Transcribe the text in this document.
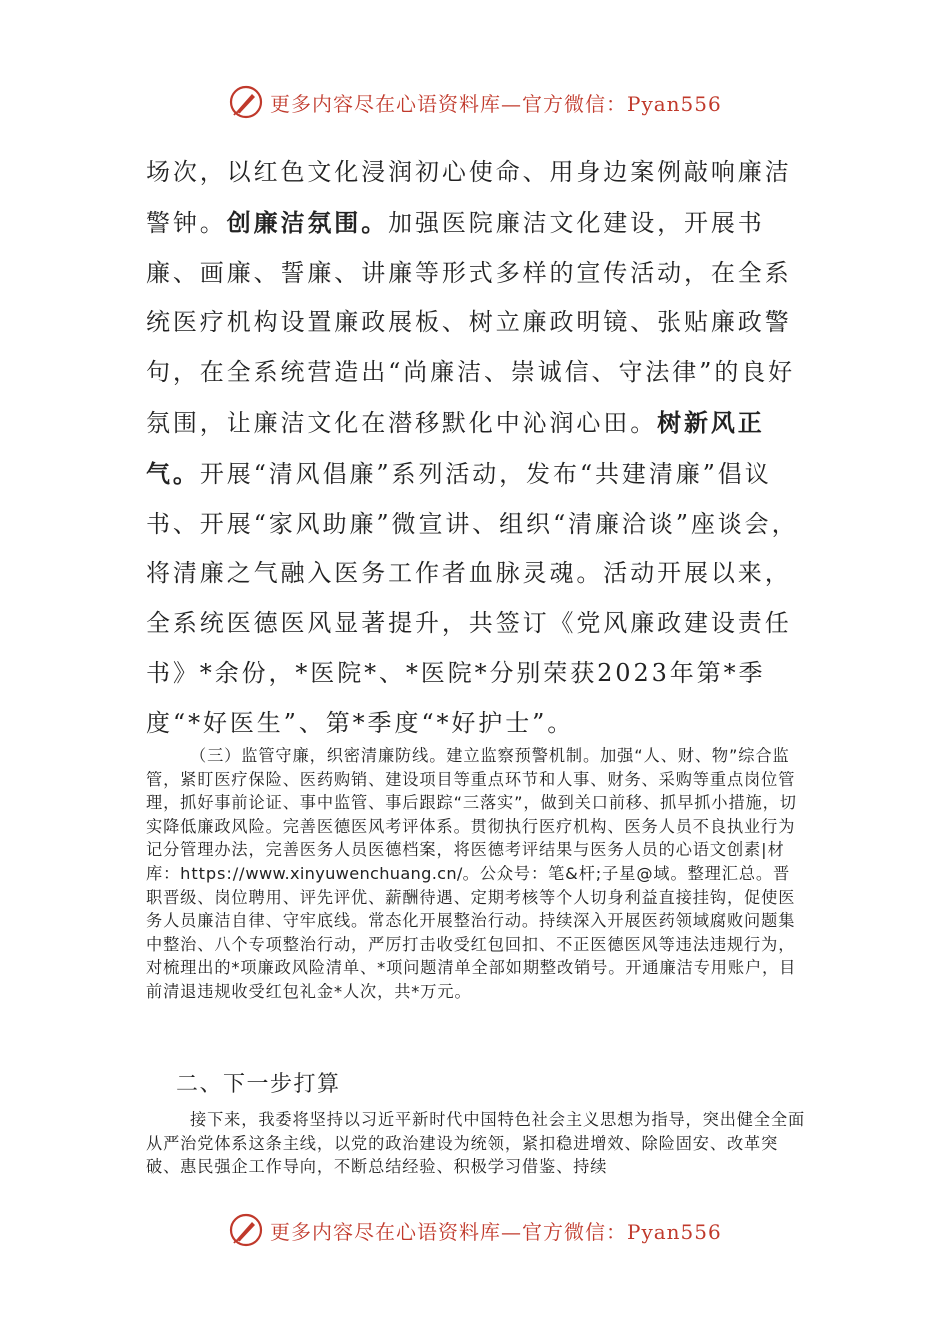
更多内容尽在心语资料库—官方微信：Pyan556
场次，以红色文化浸润初心使命、用身边案例敲响廉洁警钟。创廉洁氛围。加强医院廉洁文化建设，开展书廉、画廉、誓廉、讲廉等形式多样的宣传活动，在全系统医疗机构设置廉政展板、树立廉政明镜、张贴廉政警句，在全系统营造出“尚廉洁、崇诚信、守法律”的良好氛围，让廉洁文化在潜移默化中沁润心田。树新风正气。开展“清风倡廉”系列活动，发布“共建清廉”倡议书、开展“家风助廉”微宣讲、组织“清廉洽谈”座谈会，将清廉之气融入医务工作者血脉灵魂。活动开展以来，全系统医德医风显著提升，共签订《党风廉政建设责任书》*余份，*医院*、*医院*分别荣获2023年第*季度“*好医生”、第*季度“*好护士”。
（三）监管守廉，织密清廉防线。建立监察预警机制。加强“人、财、物”综合监管，紧盯医疗保险、医药购销、建设项目等重点环节和人事、财务、采购等重点岗位管理，抓好事前论证、事中监管、事后跟踪“三落实”，做到关口前移、抓早抓小措施，切实降低廉政风险。完善医德医风考评体系。贯彻执行医疗机构、医务人员不良执业行为记分管理办法，完善医务人员医德档案，将医德考评结果与医务人员的心语文创素|材库：https://www.xinyuwenchuang.cn/。公众号：笔&杆;子星@域。整理汇总。晋职晋级、岗位聘用、评先评优、薪酬待遇、定期考核等个人切身利益直接挂钩，促使医务人员廉洁自律、守牢底线。常态化开展整治行动。持续深入开展医药领域腐败问题集中整治、八个专项整治行动，严厉打击收受红包回扣、不正医德医风等违法违规行为，对梳理出的*项廉政风险清单、*项问题清单全部如期整改销号。开通廉洁专用账户，目前清退违规收受红包礼金*人次，共*万元。
二、下一步打算
接下来，我委将坚持以习近平新时代中国特色社会主义思想为指导，突出健全全面从严治党体系这条主线，以党的政治建设为统领，紧扣稳进增效、除险固安、改革突破、惠民强企工作导向，不断总结经验、积极学习借鉴、持续
更多内容尽在心语资料库—官方微信：Pyan556
